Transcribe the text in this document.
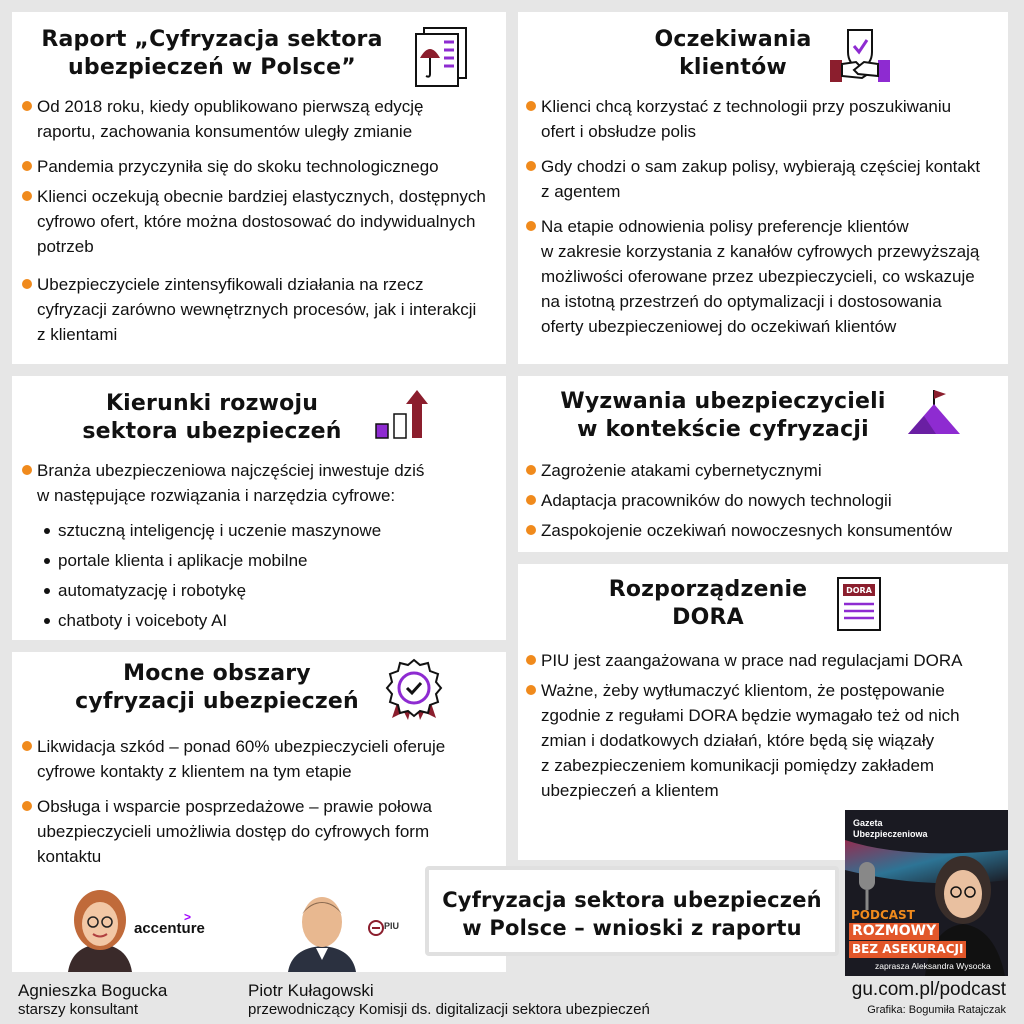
Raport „Cyfryzacja sektora
ubezpieczeń w Polsce”
Od 2018 roku, kiedy opublikowano pierwszą edycję
raportu, zachowania konsumentów uległy zmianie
Pandemia przyczyniła się do skoku technologicznego
Klienci oczekują obecnie bardziej elastycznych, dostępnych
cyfrowo ofert, które można dostosować do indywidualnych
potrzeb
Ubezpieczyciele zintensyfikowali działania na rzecz
cyfryzacji zarówno wewnętrznych procesów, jak i interakcji
z klientami
Oczekiwania
klientów
Klienci chcą korzystać z technologii przy poszukiwaniu
ofert i obsłudze polis
Gdy chodzi o sam zakup polisy, wybierają częściej kontakt
z agentem
Na etapie odnowienia polisy preferencje klientów
w zakresie korzystania z kanałów cyfrowych przewyższają
możliwości oferowane przez ubezpieczycieli, co wskazuje
na istotną przestrzeń do optymalizacji i dostosowania
oferty ubezpieczeniowej do oczekiwań klientów
Kierunki rozwoju
sektora ubezpieczeń
Branża ubezpieczeniowa najczęściej inwestuje dziś
w następujące rozwiązania i narzędzia cyfrowe:
sztuczną inteligencję i uczenie maszynowe
portale klienta i aplikacje mobilne
automatyzację i robotykę
chatboty i voiceboty AI
Wyzwania ubezpieczycieli
w kontekście cyfryzacji
Zagrożenie atakami cybernetycznymi
Adaptacja pracowników do nowych technologii
Zaspokojenie oczekiwań nowoczesnych konsumentów
Rozporządzenie
DORA
DORA
PIU jest zaangażowana w prace nad regulacjami DORA
Ważne, żeby wytłumaczyć klientom, że postępowanie
zgodnie z regułami DORA będzie wymagało też od nich
zmian i dodatkowych działań, które będą się wiązały
z zabezpieczeniem komunikacji pomiędzy zakładem
ubezpieczeń a klientem
Mocne obszary
cyfryzacji ubezpieczeń
Likwidacja szkód – ponad 60% ubezpieczycieli oferuje
cyfrowe kontakty z klientem na tym etapie
Obsługa i wsparcie posprzedażowe – prawie połowa
ubezpieczycieli umożliwia dostęp do cyfrowych form
kontaktu
>
accenture	PIU
Cyfryzacja sektora ubezpieczeń
w Polsce – wnioski z raportu
Gazeta
Ubezpieczeniowa
PODCAST
ROZMOWY
BEZ ASEKURACJI
zaprasza Aleksandra Wysocka
Agnieszka Bogucka
starszy konsultant
Piotr Kułagowski
przewodniczący Komisji ds. digitalizacji sektora ubezpieczeń
gu.com.pl/podcast
Grafika: Bogumiła Ratajczak
